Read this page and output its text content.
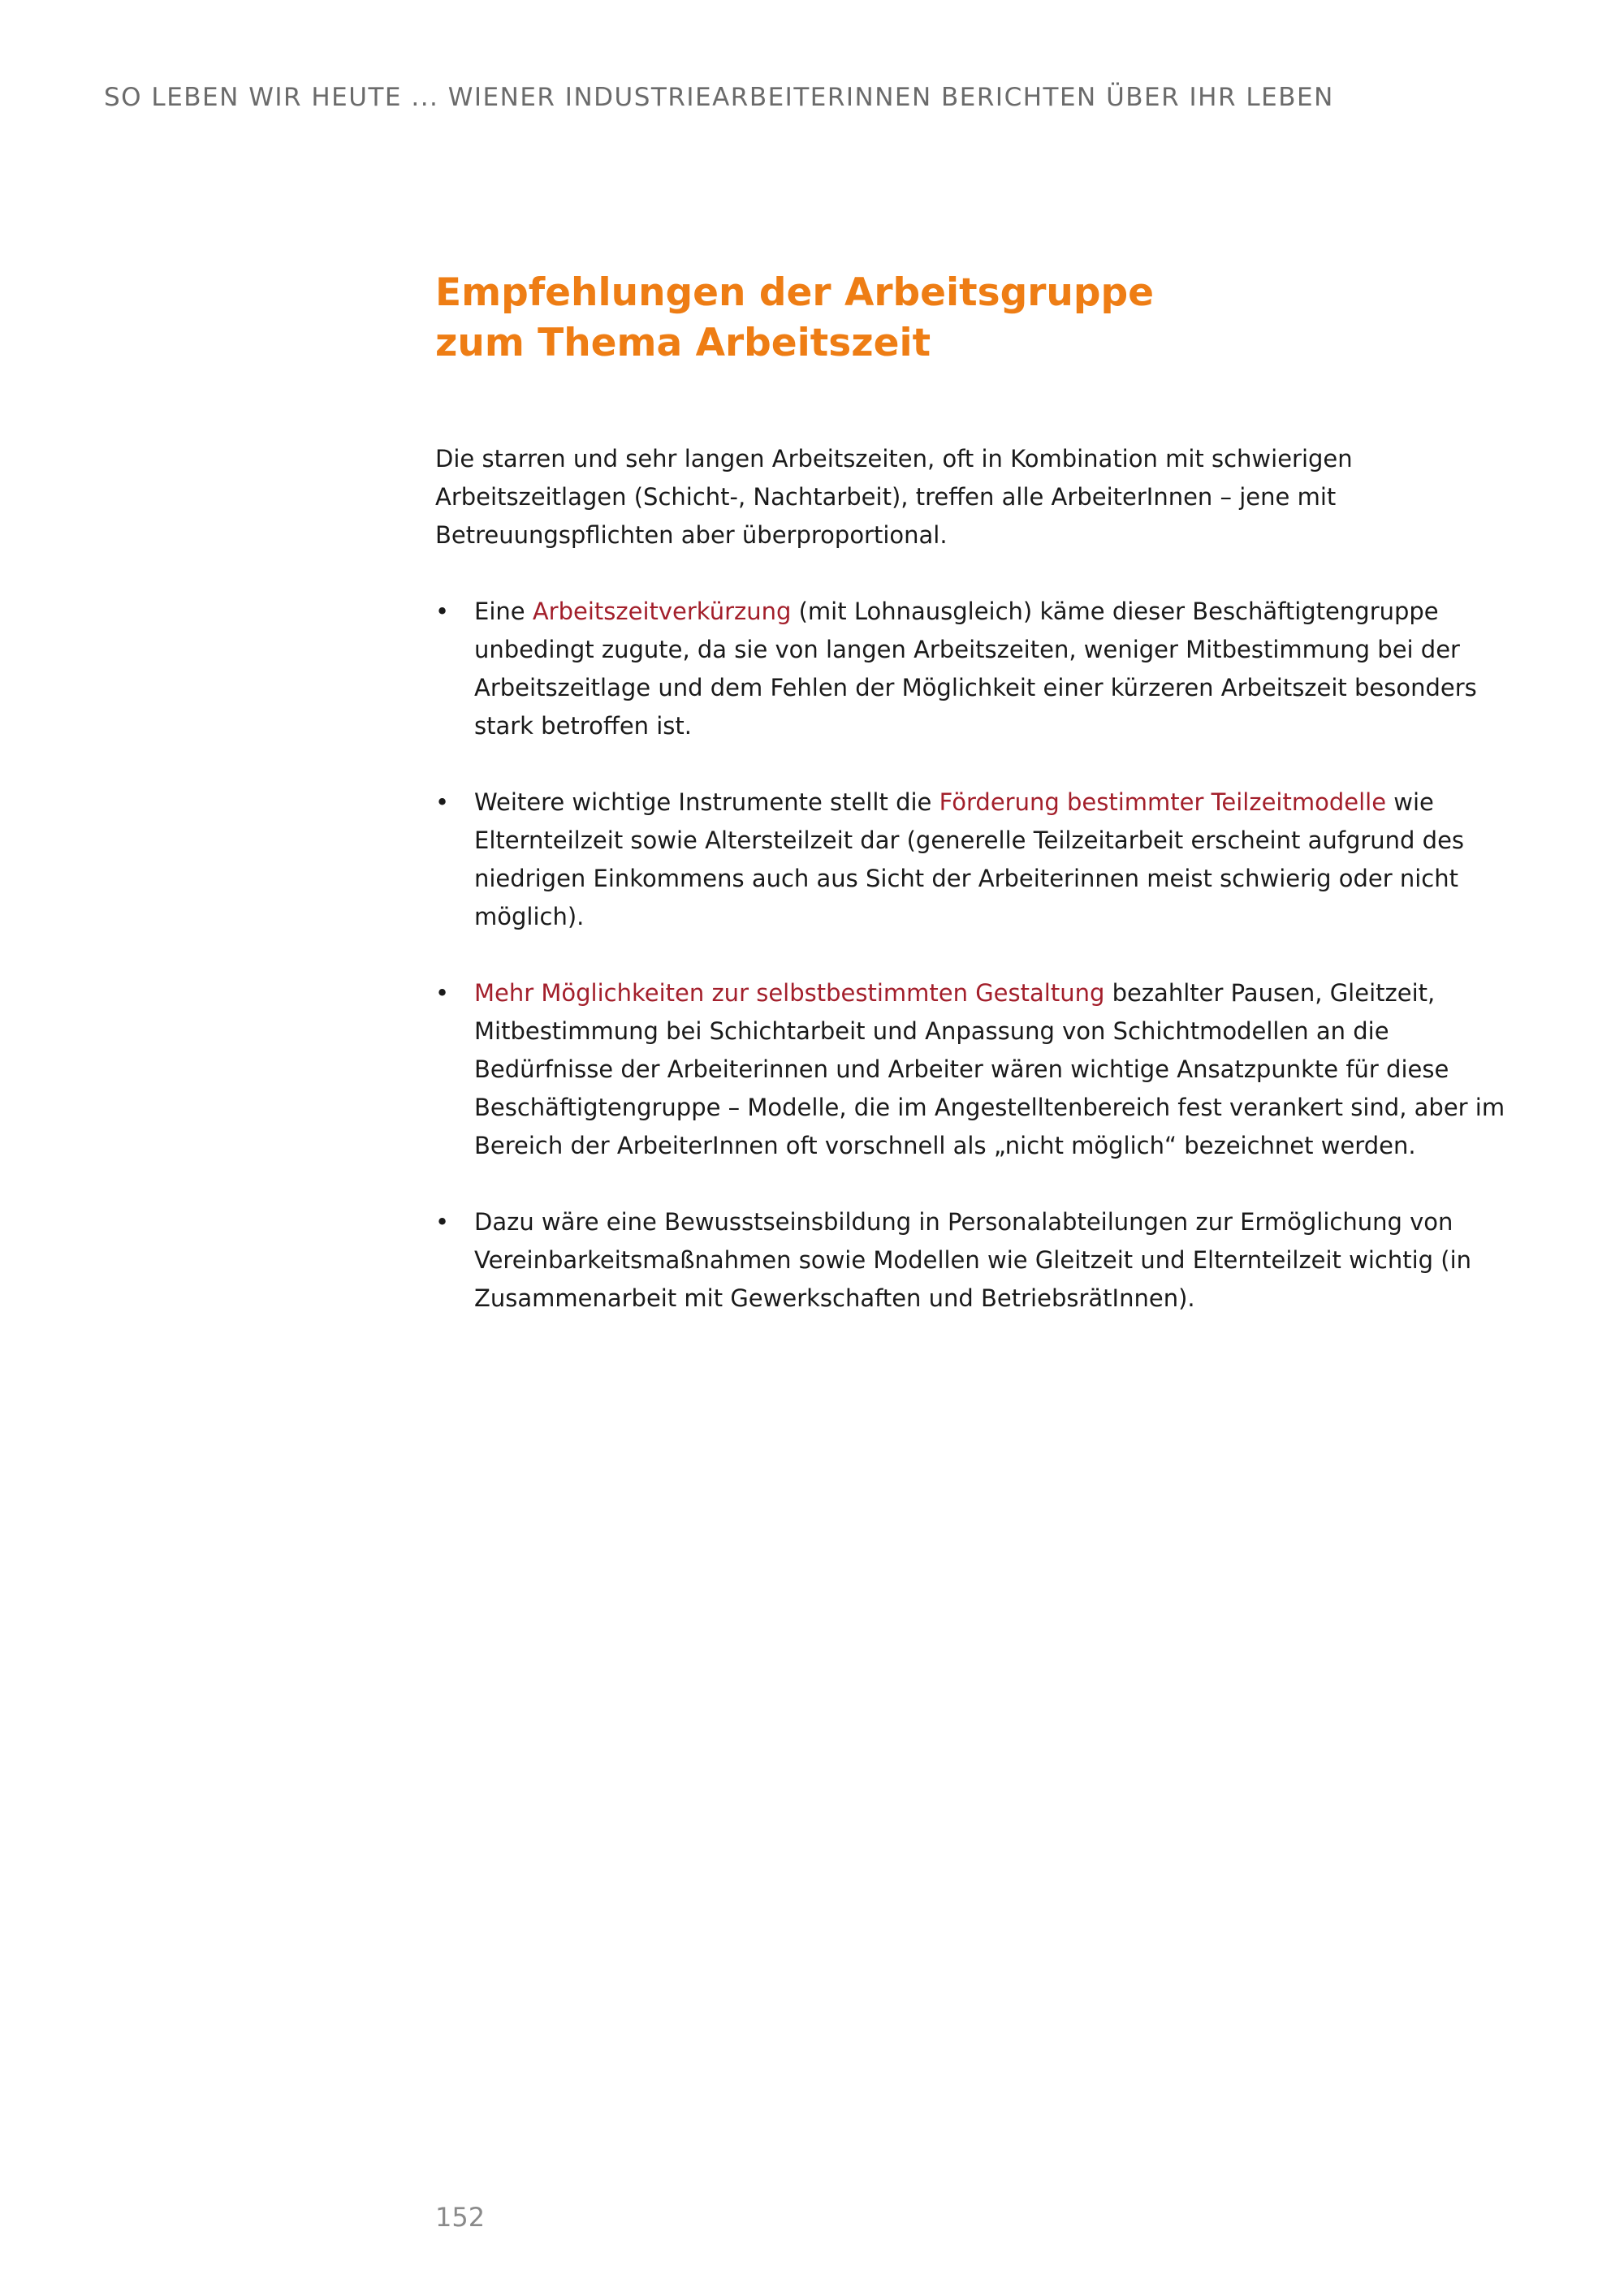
SO LEBEN WIR HEUTE ... WIENER INDUSTRIEARBEITERINNEN BERICHTEN ÜBER IHR LEBEN
Empfehlungen der Arbeitsgruppe
zum Thema Arbeitszeit

Die starren und sehr langen Arbeitszeiten, oft in Kombination mit schwierigen Arbeitszeitlagen (Schicht-, Nachtarbeit), treffen alle ArbeiterInnen – jene mit Betreuungspflichten aber überproportional.

• Eine Arbeitszeitverkürzung (mit Lohnausgleich) käme dieser Beschäftigtengruppe unbedingt zugute, da sie von langen Arbeitszeiten, weniger Mitbestimmung bei der Arbeitszeitlage und dem Fehlen der Möglichkeit einer kürzeren Arbeitszeit besonders stark betroffen ist.
• Weitere wichtige Instrumente stellt die Förderung bestimmter Teilzeitmodelle wie Elternteilzeit sowie Altersteilzeit dar (generelle Teilzeitarbeit erscheint aufgrund des niedrigen Einkommens auch aus Sicht der Arbeiterinnen meist schwierig oder nicht möglich).
• Mehr Möglichkeiten zur selbstbestimmten Gestaltung bezahlter Pausen, Gleitzeit, Mitbestimmung bei Schichtarbeit und Anpassung von Schichtmodellen an die Bedürfnisse der Arbeiterinnen und Arbeiter wären wichtige Ansatzpunkte für diese Beschäftigtengruppe – Modelle, die im Angestelltenbereich fest verankert sind, aber im Bereich der ArbeiterInnen oft vorschnell als „nicht möglich“ bezeichnet werden.
• Dazu wäre eine Bewusstseinsbildung in Personalabteilungen zur Ermöglichung von Vereinbarkeitsmaßnahmen sowie Modellen wie Gleitzeit und Elternteilzeit wichtig (in Zusammenarbeit mit Gewerkschaften und BetriebsrätInnen).
152
